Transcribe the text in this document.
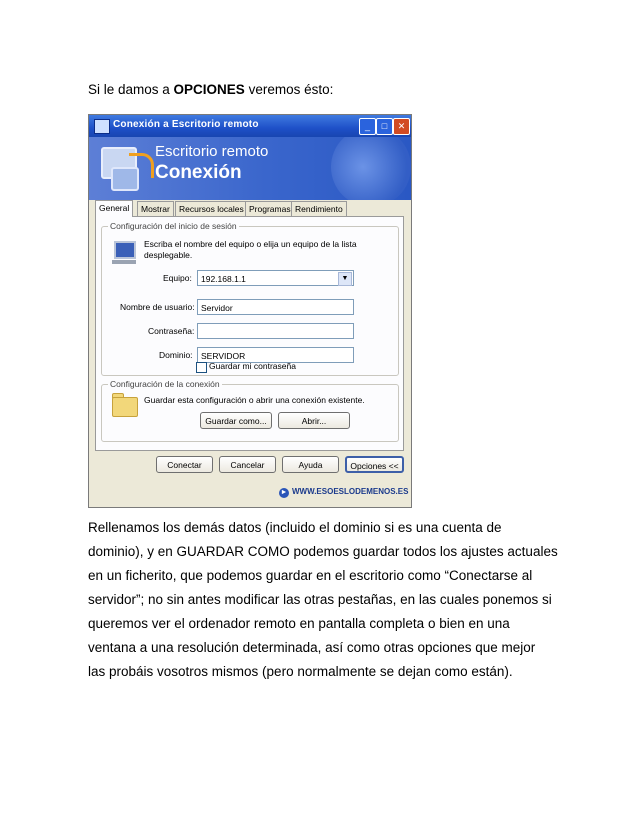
Si le damos a OPCIONES veremos ésto:
Conexión a Escritorio remoto	_	□	✕
Escritorio remoto
Conexión
General	Mostrar	Recursos locales Programas Rendimiento
Configuración del inicio de sesión
Escriba el nombre del equipo o elija un equipo de la lista
desplegable.
Equipo:	192.168.1.1	▼
Nombre de usuario: Servidor
Contraseña:
Dominio: SERVIDOR
Guardar mi contraseña
Configuración de la conexión
Guardar esta configuración o abrir una conexión existente.
Guardar como...	Abrir...
Conectar	Cancelar	Ayuda	Opciones <<
► WWW.ESOESLODEMENOS.ES
Rellenamos los demás datos (incluido el dominio si es una cuenta de
dominio), y en GUARDAR COMO podemos guardar todos los ajustes actuales
en un ficherito, que podemos guardar en el escritorio como “Conectarse al
servidor”; no sin antes modificar las otras pestañas, en las cuales ponemos si
queremos ver el ordenador remoto en pantalla completa o bien en una
ventana a una resolución determinada, así como otras opciones que mejor
las probáis vosotros mismos (pero normalmente se dejan como están).
